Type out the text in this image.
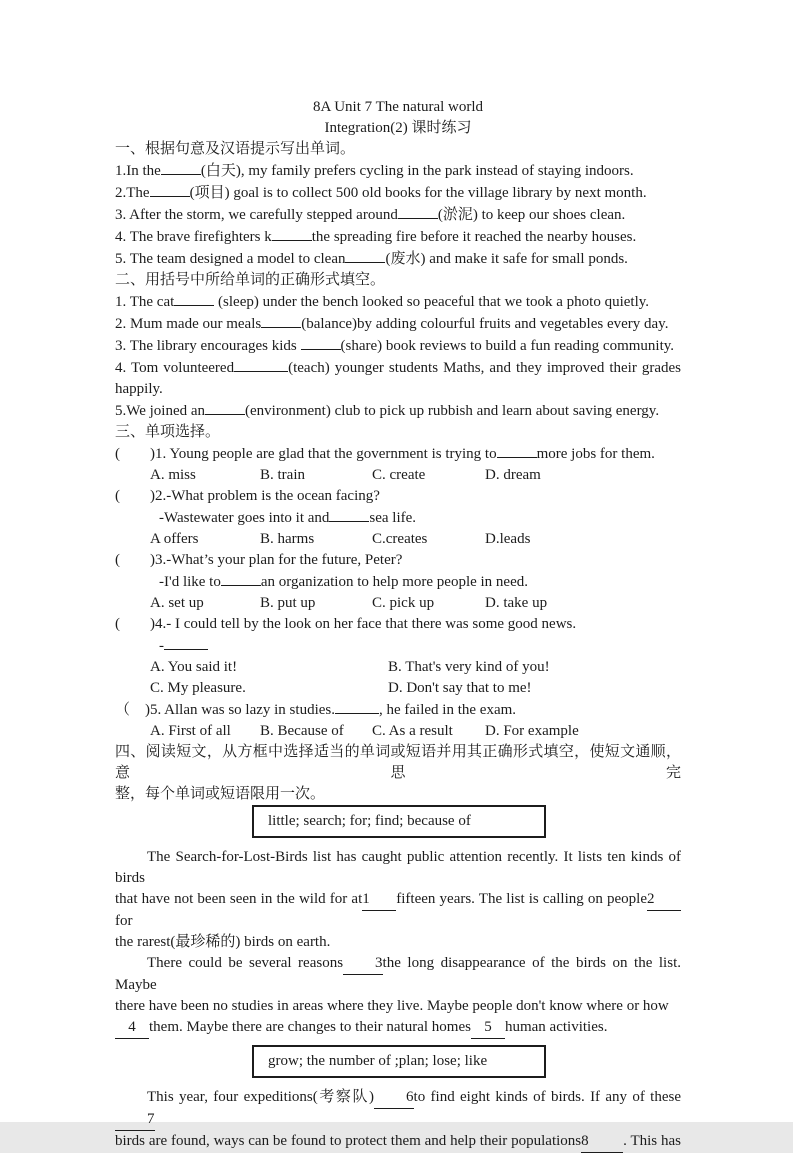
8A Unit 7 The natural world
Integration(2) 课时练习
一、根据句意及汉语提示写出单词。
1.In the	(白天), my family prefers cycling in the park instead of staying indoors.
2.The	(项目) goal is to collect 500 old books for the village library by next month.
3. After the storm, we carefully stepped around	(淤泥) to keep our shoes clean.
4. The brave firefighters k	the spreading fire before it reached the nearby houses.
5. The team designed a model to clean	(废水) and make it safe for small ponds.
二、用括号中所给单词的正确形式填空。
1. The cat	(sleep) under the bench looked so peaceful that we took a photo quietly.
2. Mum made our meals	(balance)by adding colourful fruits and vegetables every day.
3. The library encourages kids	(share) book reviews to build a fun reading community.
4. Tom volunteered	(teach) younger students Maths, and they improved their grades
happily.
5.We joined an	(environment) club to pick up rubbish and learn about saving energy.
三、单项选择。
( )1. Young people are glad that the government is trying to	more jobs for them.
A. miss	B. train	C. create	D. dream
( )2.-What problem is the ocean facing?
-Wastewater goes into it and	sea life.
A offers	B. harms	C.creates	D.leads
( )3.-What’s your plan for the future, Peter?
-I'd like to	an organization to help more people in need.
A. set up	B. put up	C. pick up	D. take up
( )4.- I could tell by the look on her face that there was some good news.
-
A. You said it!	B. That's very kind of you!
C. My pleasure.	D. Don't say that to me!
（ )5. Allan was so lazy in studies.	, he failed in the exam.
A. First of all	B. Because of	C. As a result	D. For example
四、阅读短文，从方框中选择适当的单词或短语并用其正确形式填空，使短文通顺，意思完
整，每个单词或短语限用一次。
little; search; for; find; because of
The Search-for-Lost-Birds list has caught public attention recently. It lists ten kinds of birds
that have not been seen in the wild for at1 fifteen years. The list is calling on people2for
the rarest(最珍稀的) birds on earth.
There could be several reasons 3the long disappearance of the birds on the list. Maybe
there have been no studies in areas where they live. Maybe people don't know where or how
4 them. Maybe there are changes to their natural homes 5 human activities.
grow; the number of ;plan; lose; like
This year, four expeditions(考察队) 6to find eight kinds of birds. If any of these7
birds are found, ways can be found to protect them and help their populations8 . This has
